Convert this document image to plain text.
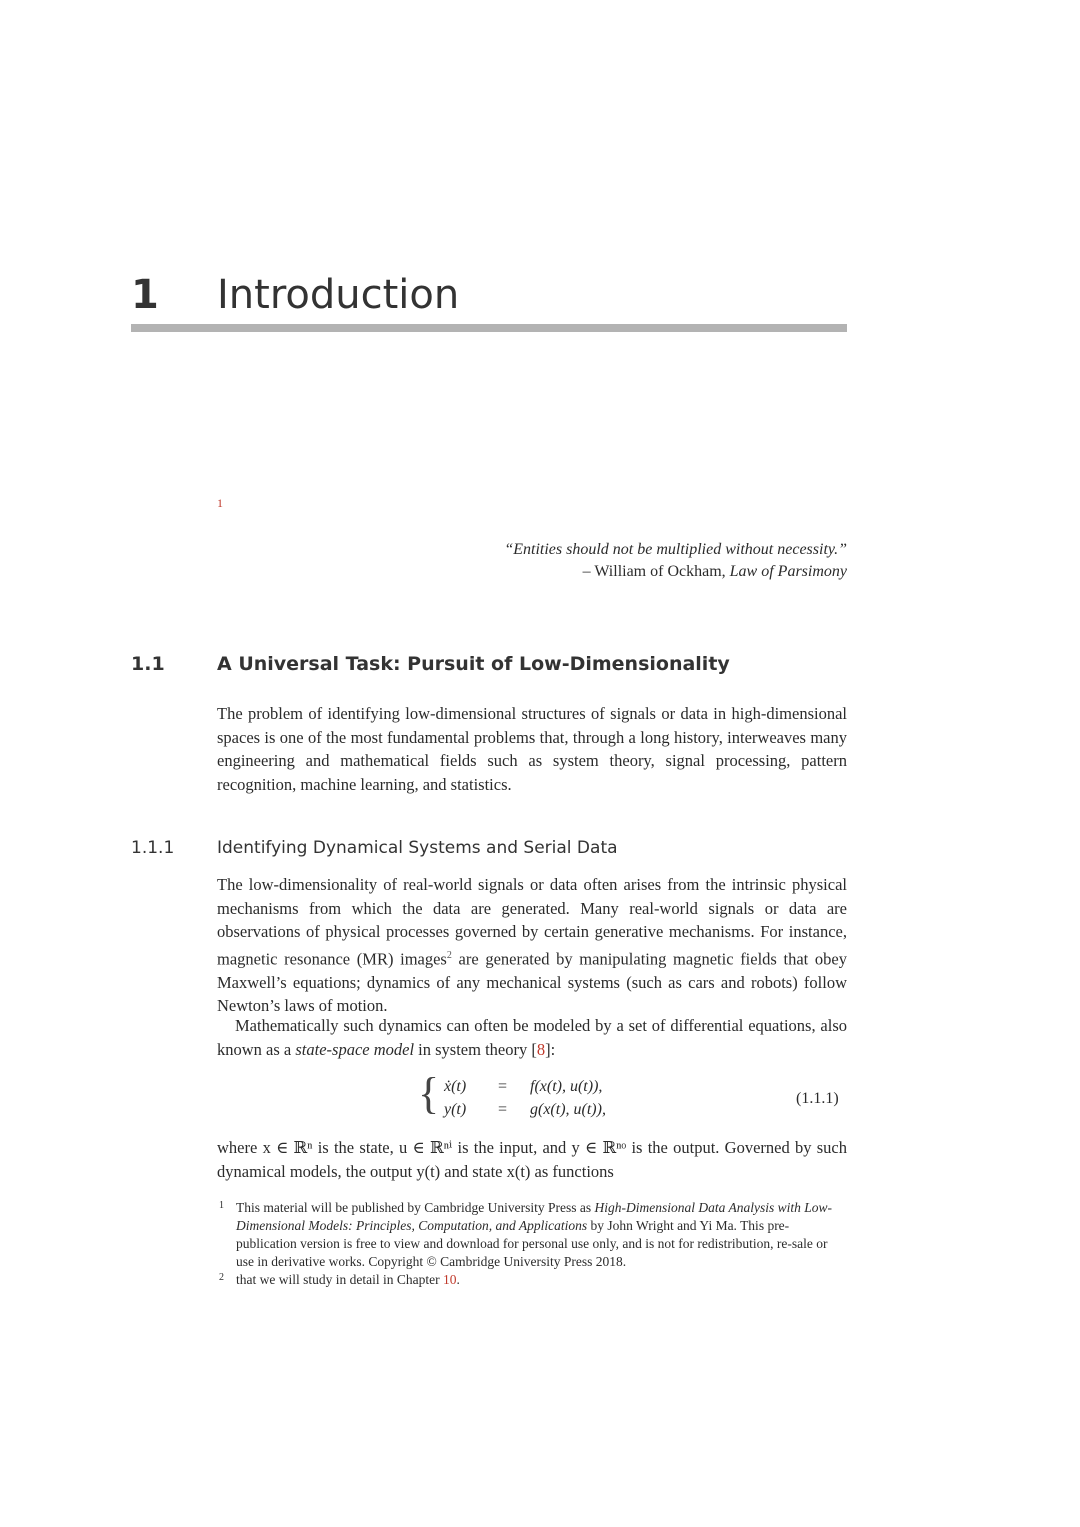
1 Introduction
1
“Entities should not be multiplied without necessity.”
– William of Ockham, Law of Parsimony
1.1	A Universal Task: Pursuit of Low-Dimensionality

The problem of identifying low-dimensional structures of signals or data in high-dimensional spaces is one of the most fundamental problems that, through a long history, interweaves many engineering and mathematical fields such as system theory, signal processing, pattern recognition, machine learning, and statistics.

1.1.1	Identifying Dynamical Systems and Serial Data

The low-dimensionality of real-world signals or data often arises from the intrinsic physical mechanisms from which the data are generated. Many real-world signals or data are observations of physical processes governed by certain generative mechanisms. For instance, magnetic resonance (MR) images$^2$ are generated by manipulating magnetic fields that obey Maxwell’s equations; dynamics of any mechanical systems (such as cars and robots) follow Newton’s laws of motion.

Mathematically such dynamics can often be modeled by a set of differential equations, also known as a state-space model in system theory [8]:

{ ẋ(t) = f(x(t), u(t)),
y(t) = g(x(t), u(t)),
(1.1.1)

where x ∈ ℝⁿ is the state, u ∈ ℝⁿⁱ is the input, and y ∈ ℝⁿᵒ is the output. Governed by such dynamical models, the output y(t) and state x(t) as functions

1 This material will be published by Cambridge University Press as High-Dimensional Data Analysis with Low-Dimensional Models: Principles, Computation, and Applications by John Wright and Yi Ma. This pre-publication version is free to view and download for personal use only, and is not for redistribution, re-sale or use in derivative works. Copyright © Cambridge University Press 2018.
2 that we will study in detail in Chapter 10.
